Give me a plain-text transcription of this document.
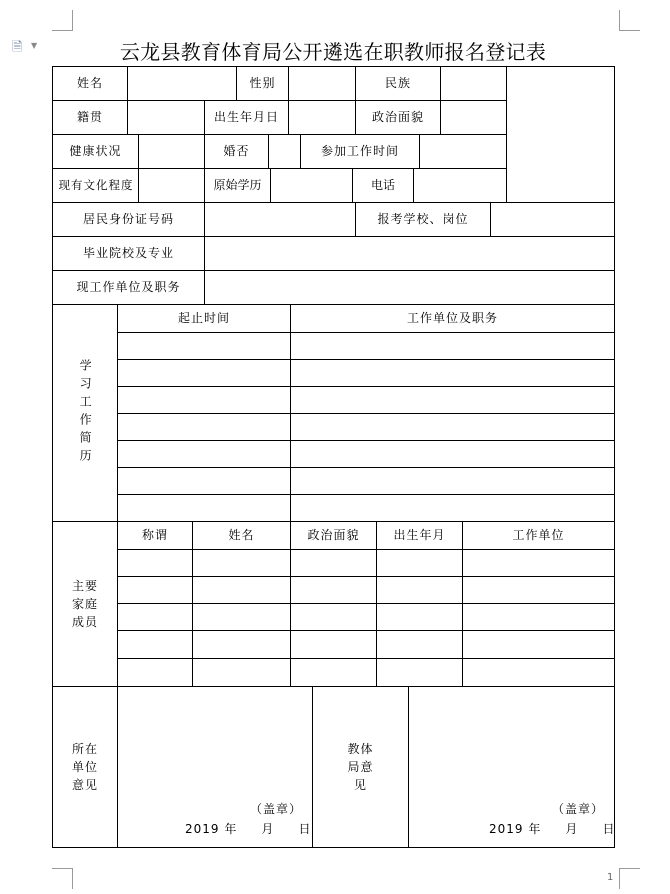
🗎 ▼	云龙县教育体育局公开遴选在职教师报名登记表
姓名	性别	民族
籍贯	出生年月日	政治面貌
健康状况	婚否	参加工作时间
现有文化程度	原始学历	电话
居民身份证号码	报考学校、岗位
毕业院校及专业
现工作单位及职务
学习工作简历
起止时间	工作单位及职务
主要
家庭
成员
称谓	姓名	政治面貌	出生年月	工作单位
所在
单位
意见
（盖章）
2019 年     月     日
教体
局意
见
（盖章）
2019 年     月     日
1
